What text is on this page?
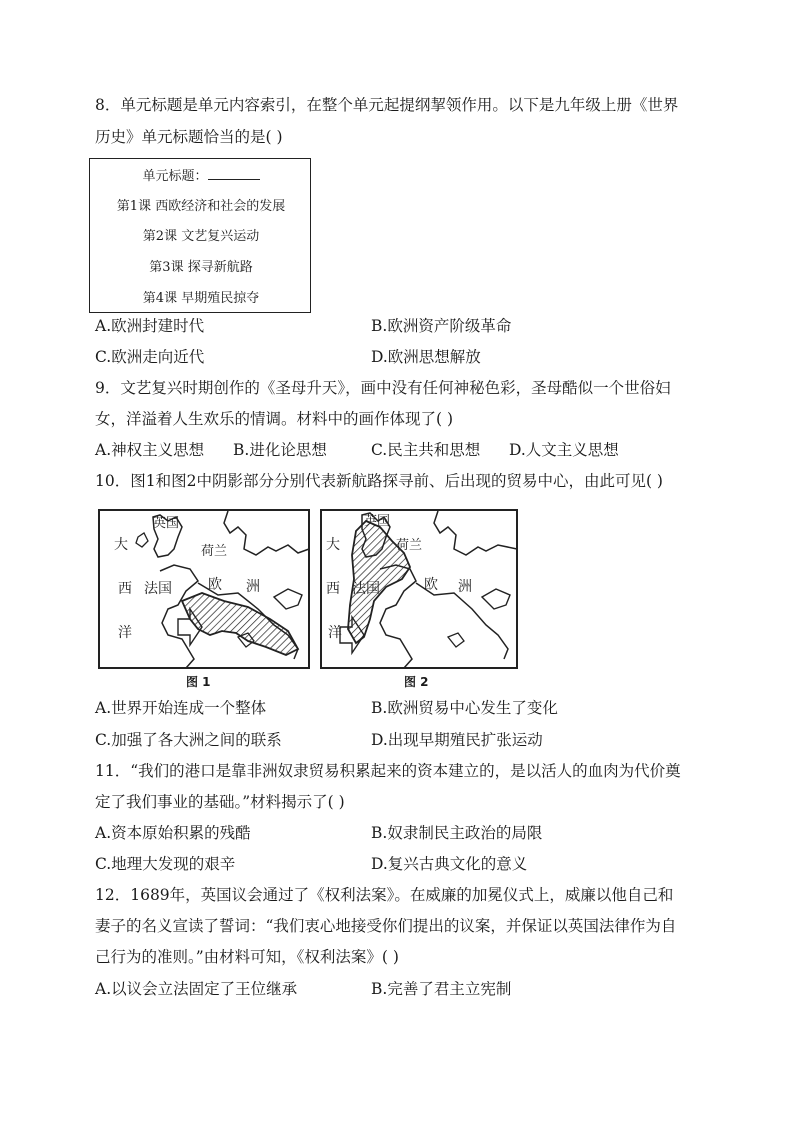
8．单元标题是单元内容索引，在整个单元起提纲挈领作用。以下是九年级上册《世界
历史》单元标题恰当的是( )
单元标题：
第1课 西欧经济和社会的发展
第2课 文艺复兴运动
第3课 探寻新航路
第4课 早期殖民掠夺
A.欧洲封建时代	B.欧洲资产阶级革命
C.欧洲走向近代	D.欧洲思想解放
9．文艺复兴时期创作的《圣母升天》，画中没有任何神秘色彩，圣母酷似一个世俗妇
女，洋溢着人生欢乐的情调。材料中的画作体现了( )
A.神权主义思想 B.进化论思想	C.民主共和思想 D.人文主义思想
10．图1和图2中阴影部分分别代表新航路探寻前、后出现的贸易中心，由此可见( )
英国
荷兰
大
西
洋
法国	欧 洲
图 1
英国
荷兰
大
西
洋
法国	欧 洲
图 2
A.世界开始连成一个整体	B.欧洲贸易中心发生了变化
C.加强了各大洲之间的联系	D.出现早期殖民扩张运动
11．“我们的港口是靠非洲奴隶贸易积累起来的资本建立的，是以活人的血肉为代价奠
定了我们事业的基础。”材料揭示了( )
A.资本原始积累的残酷	B.奴隶制民主政治的局限
C.地理大发现的艰辛	D.复兴古典文化的意义
12．1689年，英国议会通过了《权利法案》。在威廉的加冕仪式上，威廉以他自己和
妻子的名义宣读了誓词：“我们衷心地接受你们提出的议案，并保证以英国法律作为自
己行为的准则。”由材料可知，《权利法案》( )
A.以议会立法固定了王位继承	B.完善了君主立宪制
